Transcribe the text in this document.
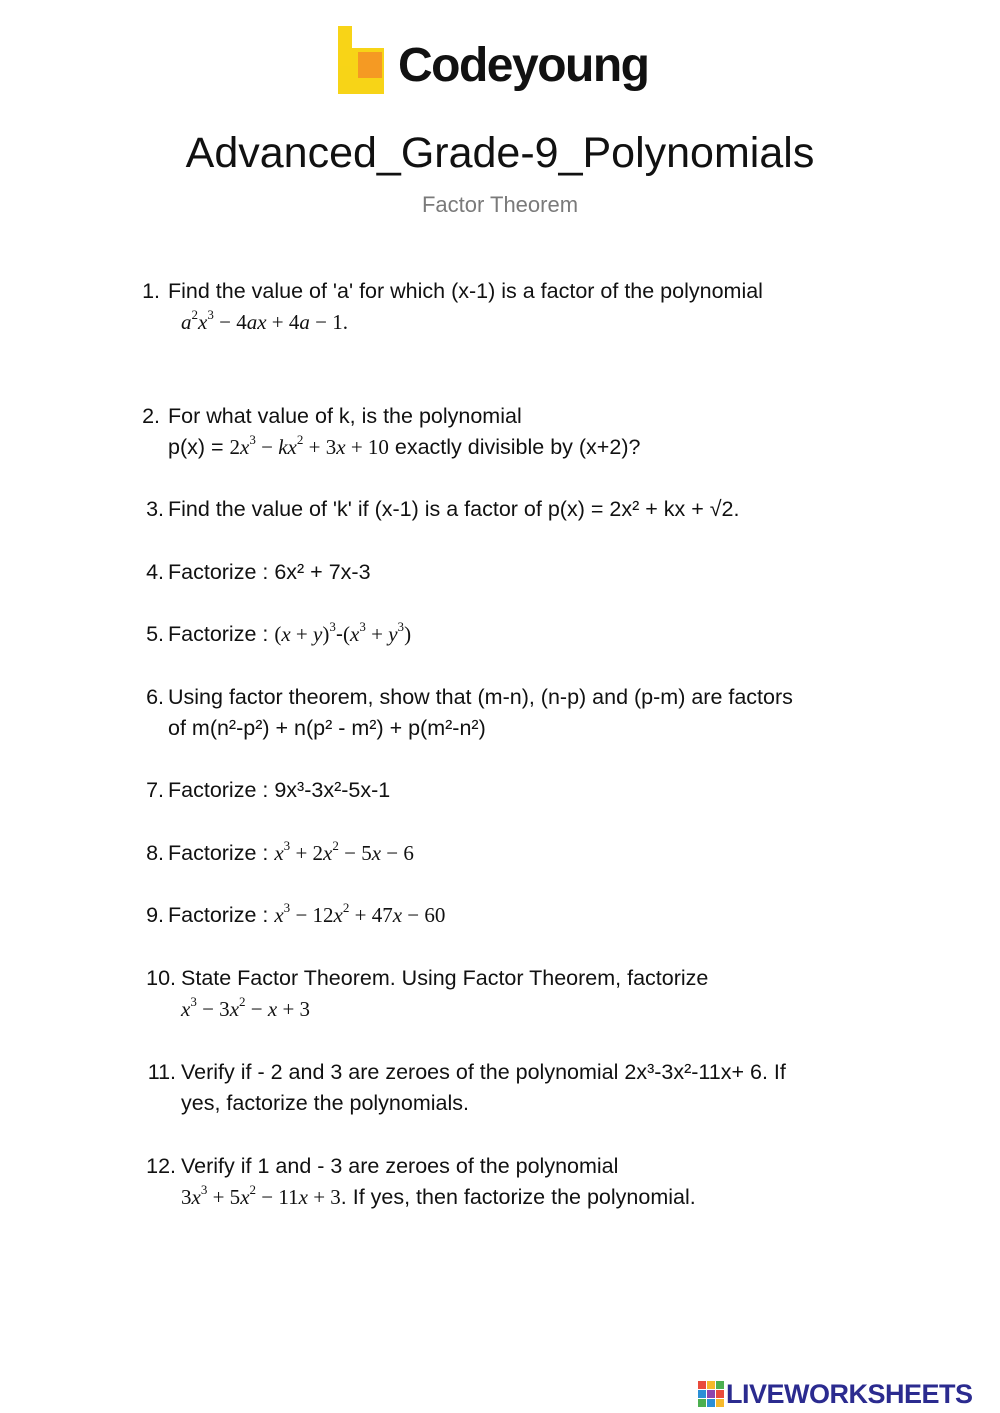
Codeyoung
Advanced_Grade-9_Polynomials
Factor Theorem
1. Find the value of 'a' for which (x-1) is a factor of the polynomial
$a^2x^3 - 4ax + 4a - 1$.
2. For what value of k, is the polynomial
$p(x) = 2x^3 - kx^2 + 3x + 10$ exactly divisible by (x+2)?
3. Find the value of 'k' if (x-1) is a factor of p(x) = 2x² + kx + √2.
4. Factorize : 6x² + 7x-3
5. Factorize : $(x + y)^3-(x^3 + y^3)$
6. Using factor theorem, show that (m-n), (n-p) and (p-m) are factors
of m(n²-p²) + n(p² - m²) + p(m²-n²)
7. Factorize : 9x³-3x²-5x-1
8. Factorize : $x^3 + 2x^2 - 5x - 6$
9. Factorize : $x^3 - 12x^2 + 47x - 60$
10. State Factor Theorem. Using Factor Theorem, factorize
$x^3 - 3x^2 - x + 3$
11. Verify if - 2 and 3 are zeroes of the polynomial 2x³-3x²-11x+ 6. If
yes, factorize the polynomials.
12. Verify if 1 and - 3 are zeroes of the polynomial
$3x^3 + 5x^2 - 11x + 3$. If yes, then factorize the polynomial.
LIVEWORKSHEETS
